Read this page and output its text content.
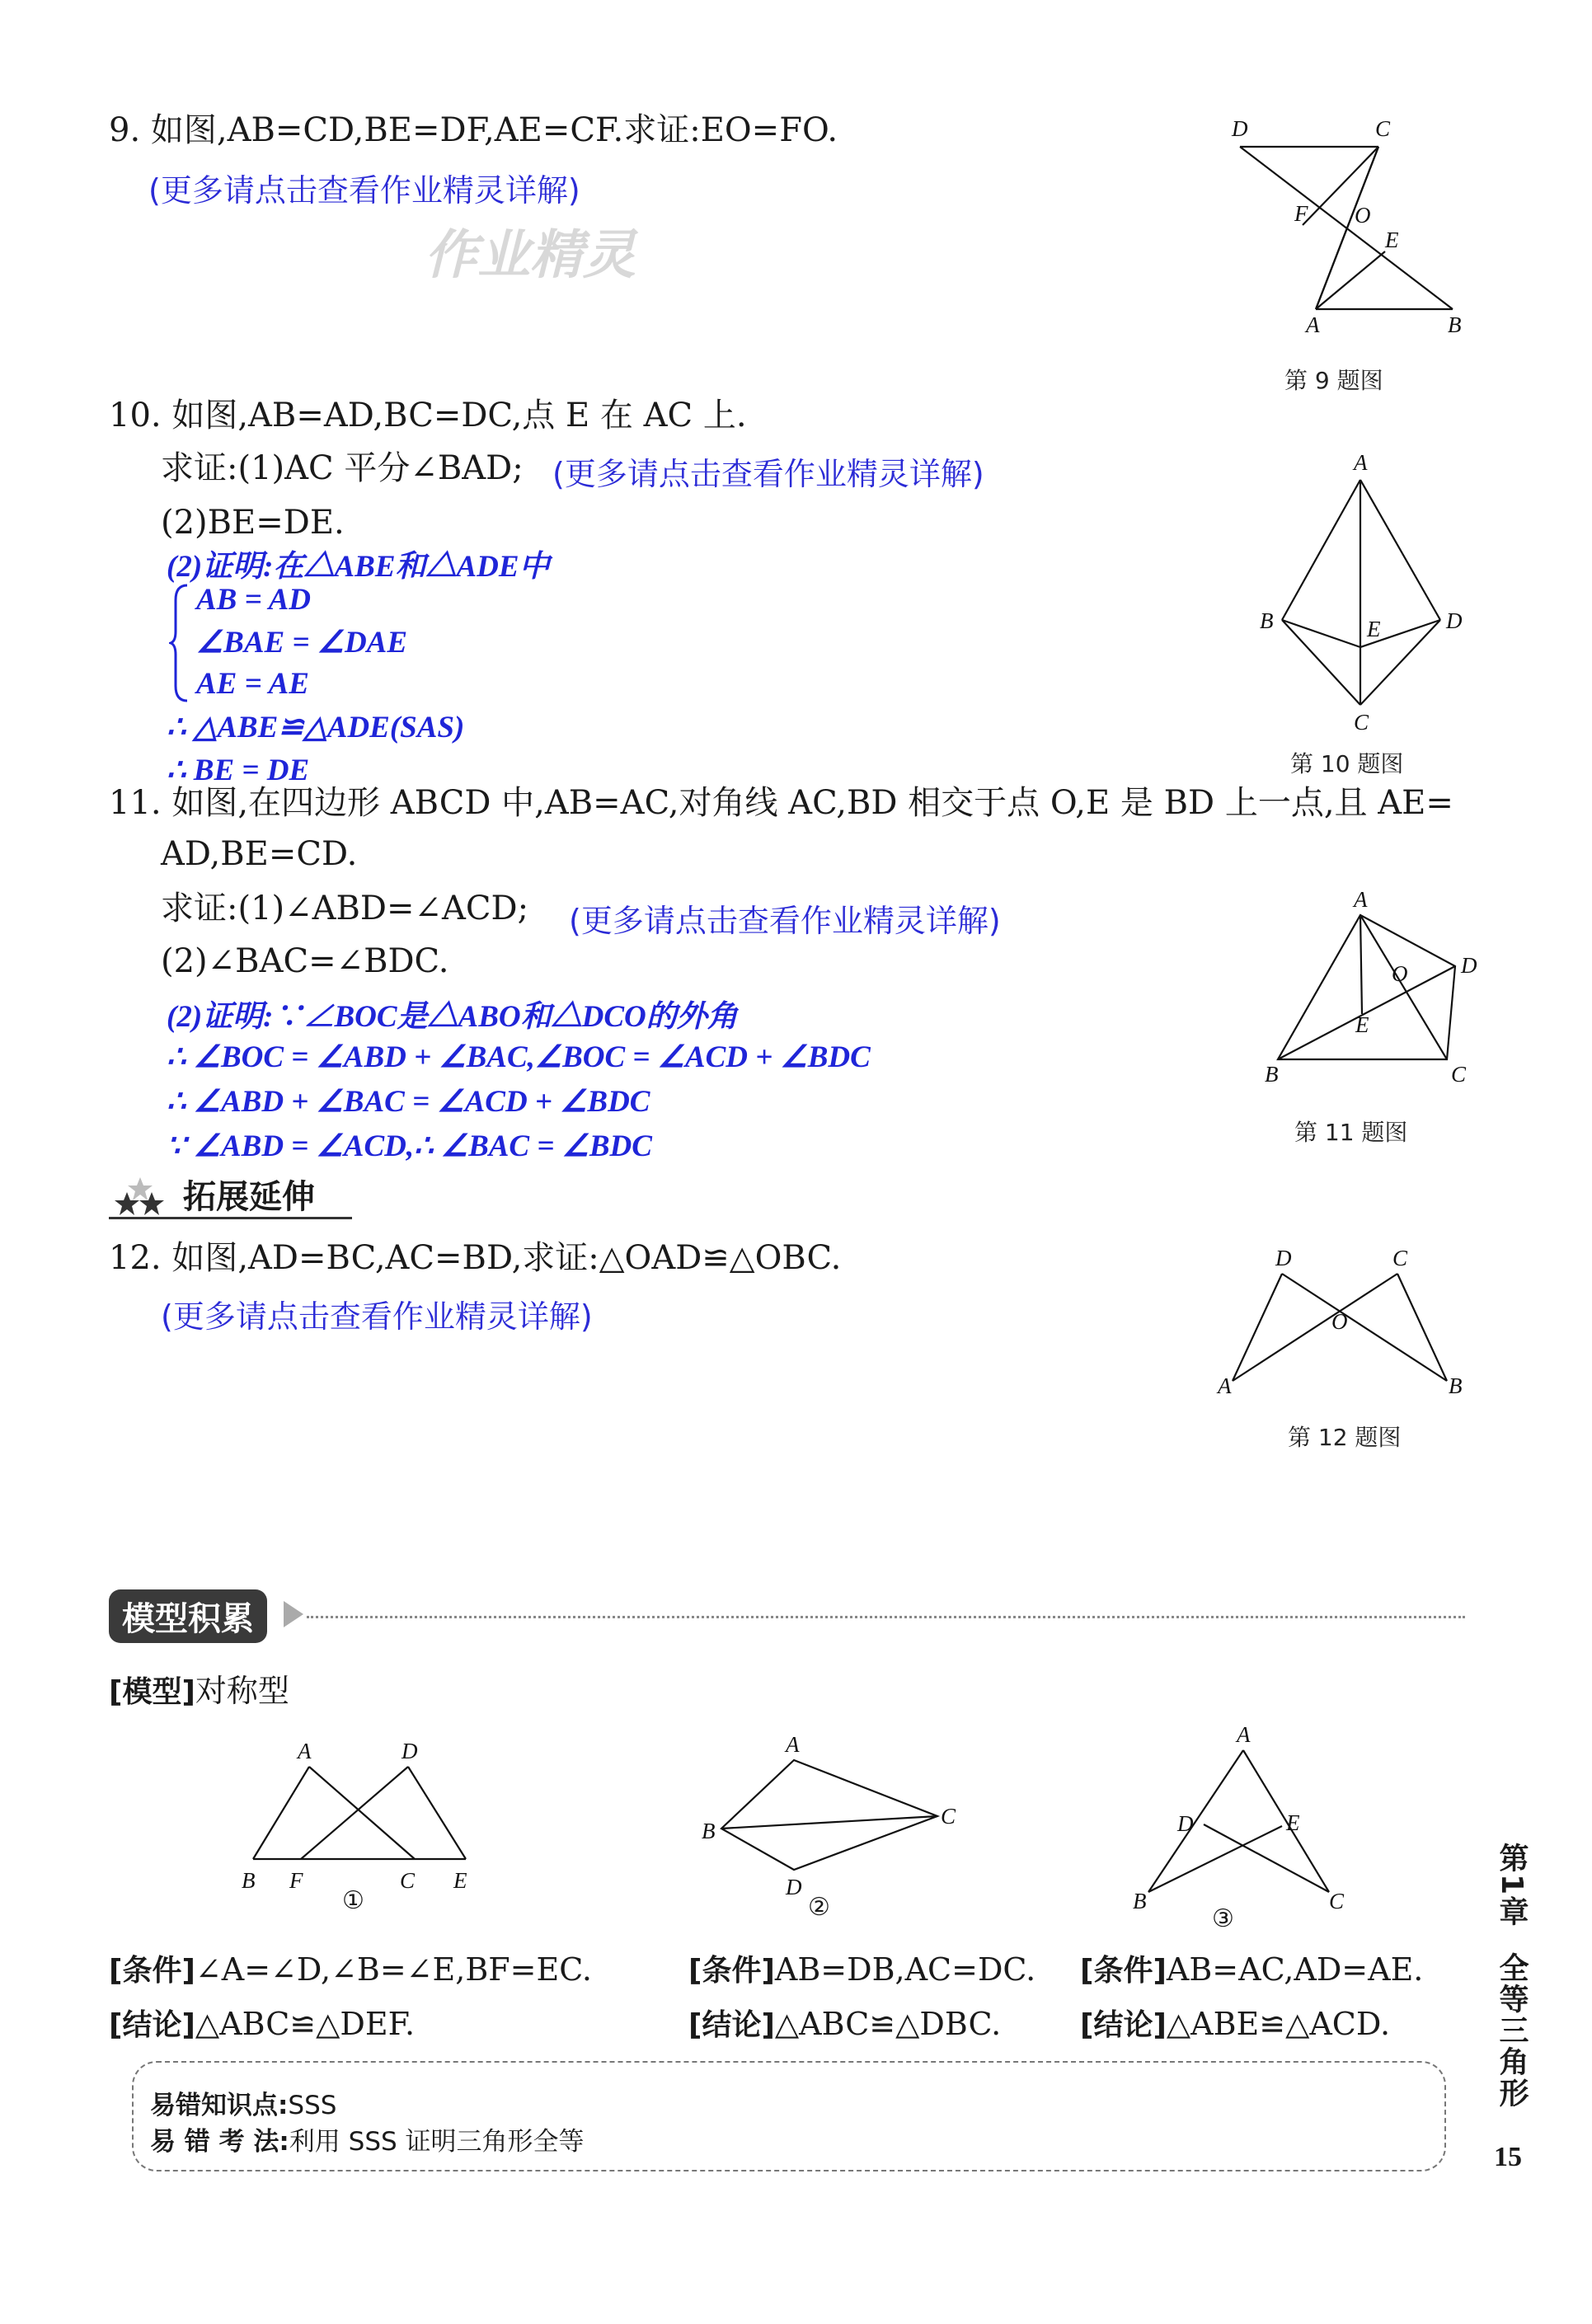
9. 如图,AB=CD,BE=DF,AE=CF.求证:EO=FO.
(更多请点击查看作业精灵详解)
作业精灵
D	C
F O
E
A	B
第 9 题图
10. 如图,AB=AD,BC=DC,点 E 在 AC 上.
求证:(1)AC 平分∠BAD; (更多请点击查看作业精灵详解)
(2)BE=DE.
(2)证明:在△ABE和△ADE中
AB = AD
∠BAE = ∠DAE
AE = AE
∴ △ABE≌△ADE(SAS)
∴ BE = DE
A
B	E	D
C
第 10 题图
11. 如图,在四边形 ABCD 中,AB=AC,对角线 AC,BD 相交于点 O,E 是 BD 上一点,且 AE=
AD,BE=CD.
求证:(1)∠ABD=∠ACD; (更多请点击查看作业精灵详解)
(2)∠BAC=∠BDC.
(2)证明:∵∠BOC是△ABO和△DCO的外角
∴ ∠BOC = ∠ABD + ∠BAC,∠BOC = ∠ACD + ∠BDC
∴ ∠ABD + ∠BAC = ∠ACD + ∠BDC
∵ ∠ABD = ∠ACD,∴ ∠BAC = ∠BDC
A
D
O
E
B	C
第 11 题图
拓展延伸
12. 如图,AD=BC,AC=BD,求证:△OAD≌△OBC.
(更多请点击查看作业精灵详解)
D	C
O
A	B
第 12 题图
模型积累
[模型]对称型
A	D
B F	C E
①
A
B
C
D
②
A
D	E
B	C
③
[条件]∠A=∠D,∠B=∠E,BF=EC.
[结论]△ABC≌△DEF.
[条件]AB=DB,AC=DC.
[结论]△ABC≌△DBC.
[条件]AB=AC,AD=AE.
[结论]△ABE≌△ACD.
易错知识点:SSS
易 错 考 法:利用 SSS 证明三角形全等
第1章
全等三角形
15
